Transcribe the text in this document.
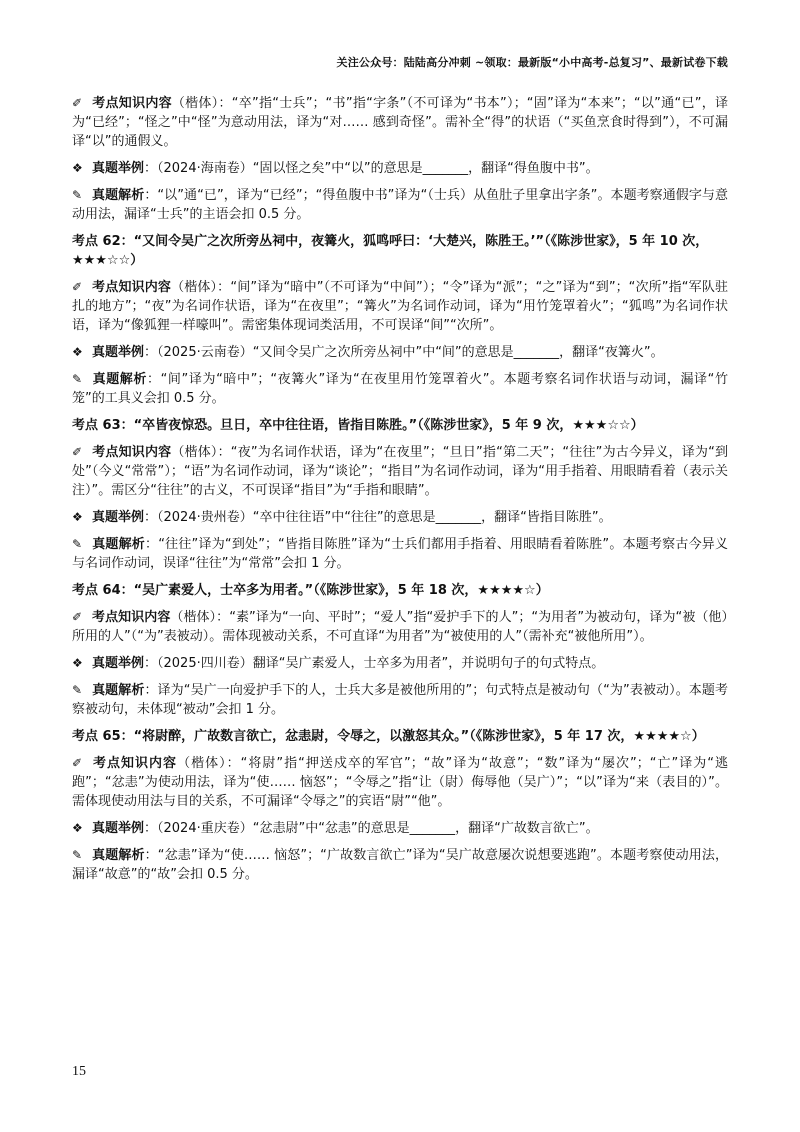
关注公众号：陆陆高分冲刺 ~领取：最新版“小中高考-总复习”、最新试卷下载

✐ 考点知识内容（楷体）：“卒”指“士兵”；“书”指“字条”（不可译为“书本”）；“固”译为“本来”；“以”通“已”，译为“已经”；“怪之”中“怪”为意动用法，译为“对…… 感到奇怪”。需补全“得”的状语（“买鱼烹食时得到”），不可漏译“以”的通假义。

❖ 真题举例：（2024·海南卷）“固以怪之矣”中“以”的意思是_______，翻译“得鱼腹中书”。

✎ 真题解析：“以”通“已”，译为“已经”；“得鱼腹中书”译为“（士兵）从鱼肚子里拿出字条”。本题考察通假字与意动用法，漏译“士兵”的主语会扣 0.5 分。

考点 62：“又间令吴广之次所旁丛祠中，夜篝火，狐鸣呼曰：‘大楚兴，陈胜王。’”（《陈涉世家》，5 年 10 次，★★★☆☆）

✐ 考点知识内容（楷体）：“间”译为“暗中”（不可译为“中间”）；“令”译为“派”；“之”译为“到”；“次所”指“军队驻扎的地方”；“夜”为名词作状语，译为“在夜里”；“篝火”为名词作动词，译为“用竹笼罩着火”；“狐鸣”为名词作状语，译为“像狐狸一样嚎叫”。需密集体现词类活用，不可误译“间”“次所”。

❖ 真题举例：（2025·云南卷）“又间令吴广之次所旁丛祠中”中“间”的意思是_______，翻译“夜篝火”。

✎ 真题解析：“间”译为“暗中”；“夜篝火”译为“在夜里用竹笼罩着火”。本题考察名词作状语与动词，漏译“竹笼”的工具义会扣 0.5 分。

考点 63：“卒皆夜惊恐。旦日，卒中往往语，皆指目陈胜。”（《陈涉世家》，5 年 9 次，★★★☆☆）

✐ 考点知识内容（楷体）：“夜”为名词作状语，译为“在夜里”；“旦日”指“第二天”；“往往”为古今异义，译为“到处”（今义“常常”）；“语”为名词作动词，译为“谈论”；“指目”为名词作动词，译为“用手指着、用眼睛看着（表示关注）”。需区分“往往”的古义，不可误译“指目”为“手指和眼睛”。

❖ 真题举例：（2024·贵州卷）“卒中往往语”中“往往”的意思是_______，翻译“皆指目陈胜”。

✎ 真题解析：“往往”译为“到处”；“皆指目陈胜”译为“士兵们都用手指着、用眼睛看着陈胜”。本题考察古今异义与名词作动词，误译“往往”为“常常”会扣 1 分。

考点 64：“吴广素爱人，士卒多为用者。”（《陈涉世家》，5 年 18 次，★★★★☆）

✐ 考点知识内容（楷体）：“素”译为“一向、平时”；“爱人”指“爱护手下的人”；“为用者”为被动句，译为“被（他）所用的人”（“为”表被动）。需体现被动关系，不可直译“为用者”为“被使用的人”（需补充“被他所用”）。

❖ 真题举例：（2025·四川卷）翻译“吴广素爱人，士卒多为用者”，并说明句子的句式特点。

✎ 真题解析：译为“吴广一向爱护手下的人，士兵大多是被他所用的”；句式特点是被动句（“为”表被动）。本题考察被动句，未体现“被动”会扣 1 分。

考点 65：“将尉醉，广故数言欲亡，忿恚尉，令辱之，以激怒其众。”（《陈涉世家》，5 年 17 次，★★★★☆）

✐ 考点知识内容（楷体）：“将尉”指“押送戍卒的军官”；“故”译为“故意”；“数”译为“屡次”；“亡”译为“逃跑”；“忿恚”为使动用法，译为“使…… 恼怒”；“令辱之”指“让（尉）侮辱他（吴广）”；“以”译为“来（表目的）”。需体现使动用法与目的关系，不可漏译“令辱之”的宾语“尉”“他”。

❖ 真题举例：（2024·重庆卷）“忿恚尉”中“忿恚”的意思是_______，翻译“广故数言欲亡”。

✎ 真题解析：“忿恚”译为“使…… 恼怒”；“广故数言欲亡”译为“吴广故意屡次说想要逃跑”。本题考察使动用法，漏译“故意”的“故”会扣 0.5 分。

15
